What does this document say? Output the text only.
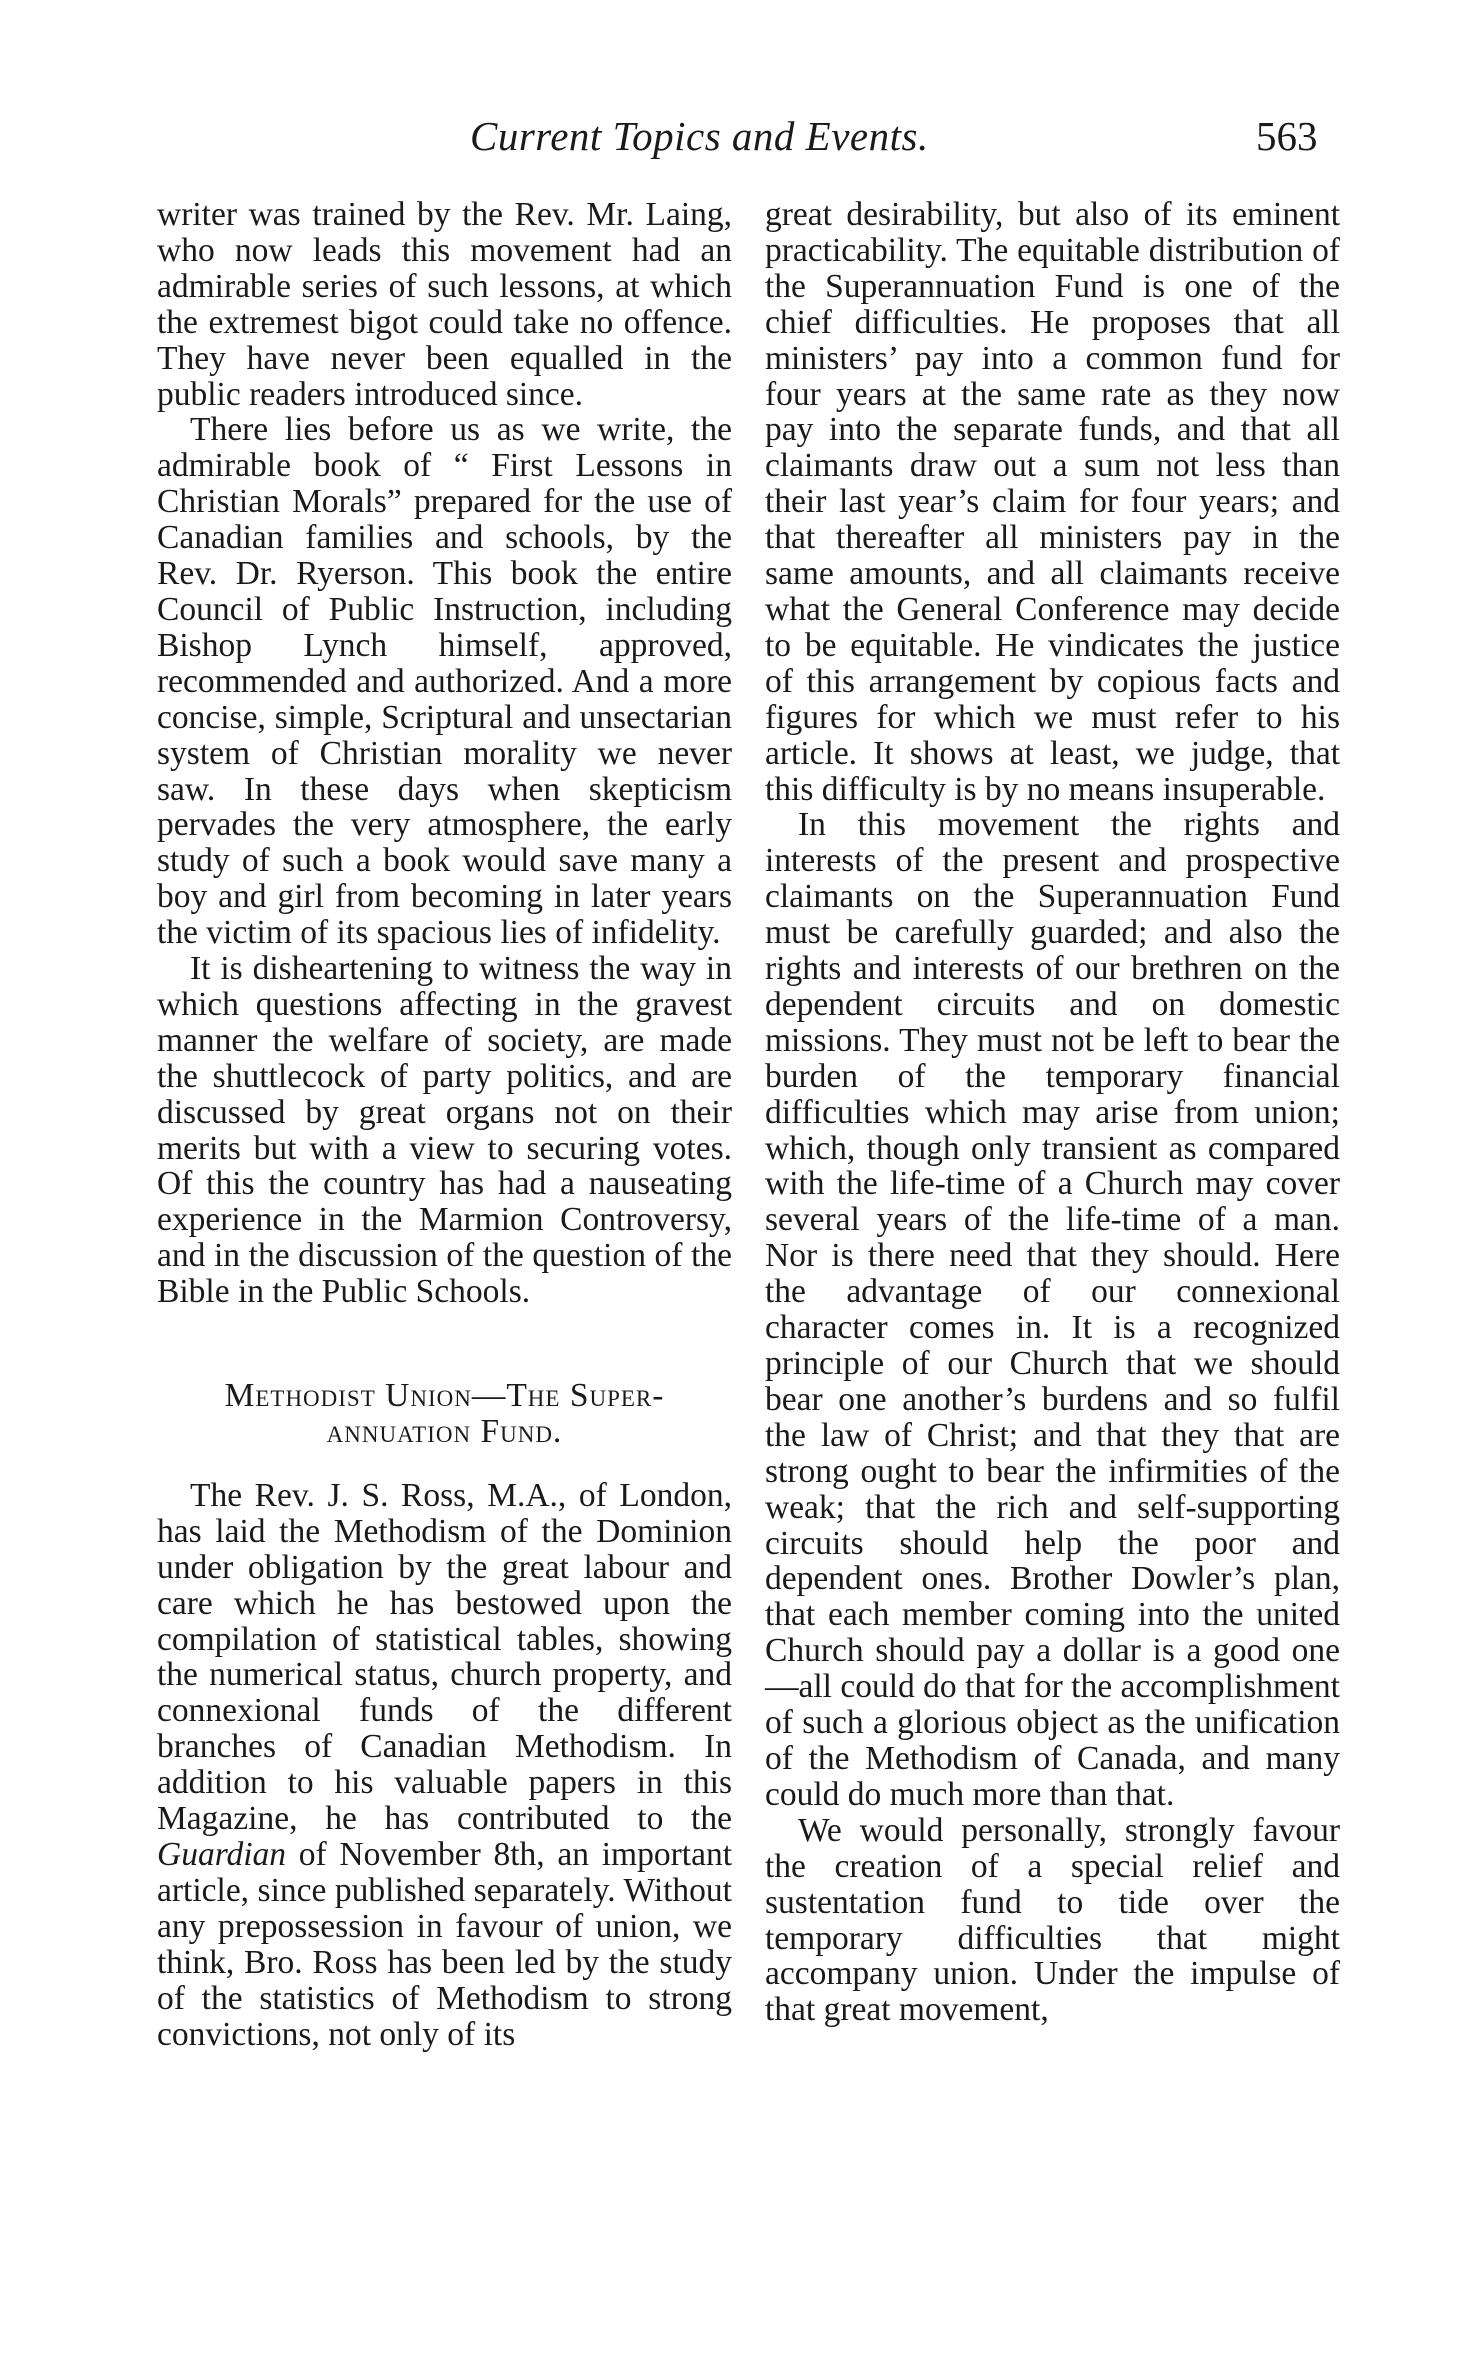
Current Topics and Events.	563

writer was trained by the Rev. Mr. Laing, who now leads this movement had an admirable series of such lessons, at which the extremest bigot could take no offence. They have never been equalled in the public readers introduced since.

There lies before us as we write, the admirable book of “ First Lessons in Christian Morals” prepared for the use of Canadian families and schools, by the Rev. Dr. Ryerson. This book the entire Council of Public Instruction, including Bishop Lynch himself, approved, recommended and authorized. And a more concise, simple, Scriptural and unsectarian system of Christian morality we never saw. In these days when skepticism pervades the very atmosphere, the early study of such a book would save many a boy and girl from becoming in later years the victim of its spacious lies of infidelity.

It is disheartening to witness the way in which questions affecting in the gravest manner the welfare of society, are made the shuttlecock of party politics, and are discussed by great organs not on their merits but with a view to securing votes. Of this the country has had a nauseating experience in the Marmion Controversy, and in the discussion of the question of the Bible in the Public Schools.

Methodist Union—The Super-
annuation Fund.

The Rev. J. S. Ross, M.A., of London, has laid the Methodism of the Dominion under obligation by the great labour and care which he has bestowed upon the compilation of statistical tables, showing the numerical status, church property, and connexional funds of the different branches of Canadian Methodism. In addition to his valuable papers in this Magazine, he has contributed to the Guardian of November 8th, an important article, since published separately. Without any prepossession in favour of union, we think, Bro. Ross has been led by the study of the statistics of Methodism to strong convictions, not only of its

great desirability, but also of its eminent practicability. The equitable distribution of the Superannuation Fund is one of the chief difficulties. He proposes that all ministers’ pay into a common fund for four years at the same rate as they now pay into the separate funds, and that all claimants draw out a sum not less than their last year’s claim for four years; and that thereafter all ministers pay in the same amounts, and all claimants receive what the General Conference may decide to be equitable. He vindicates the justice of this arrangement by copious facts and figures for which we must refer to his article. It shows at least, we judge, that this difficulty is by no means insuperable.

In this movement the rights and interests of the present and prospective claimants on the Superannuation Fund must be carefully guarded; and also the rights and interests of our brethren on the dependent circuits and on domestic missions. They must not be left to bear the burden of the temporary financial difficulties which may arise from union; which, though only transient as compared with the life-time of a Church may cover several years of the life-time of a man. Nor is there need that they should. Here the advantage of our connexional character comes in. It is a recognized principle of our Church that we should bear one another’s burdens and so fulfil the law of Christ; and that they that are strong ought to bear the infirmities of the weak; that the rich and self-supporting circuits should help the poor and dependent ones. Brother Dowler’s plan, that each member coming into the united Church should pay a dollar is a good one—all could do that for the accomplishment of such a glorious object as the unification of the Methodism of Canada, and many could do much more than that.

We would personally, strongly favour the creation of a special relief and sustentation fund to tide over the temporary difficulties that might accompany union. Under the impulse of that great movement,
